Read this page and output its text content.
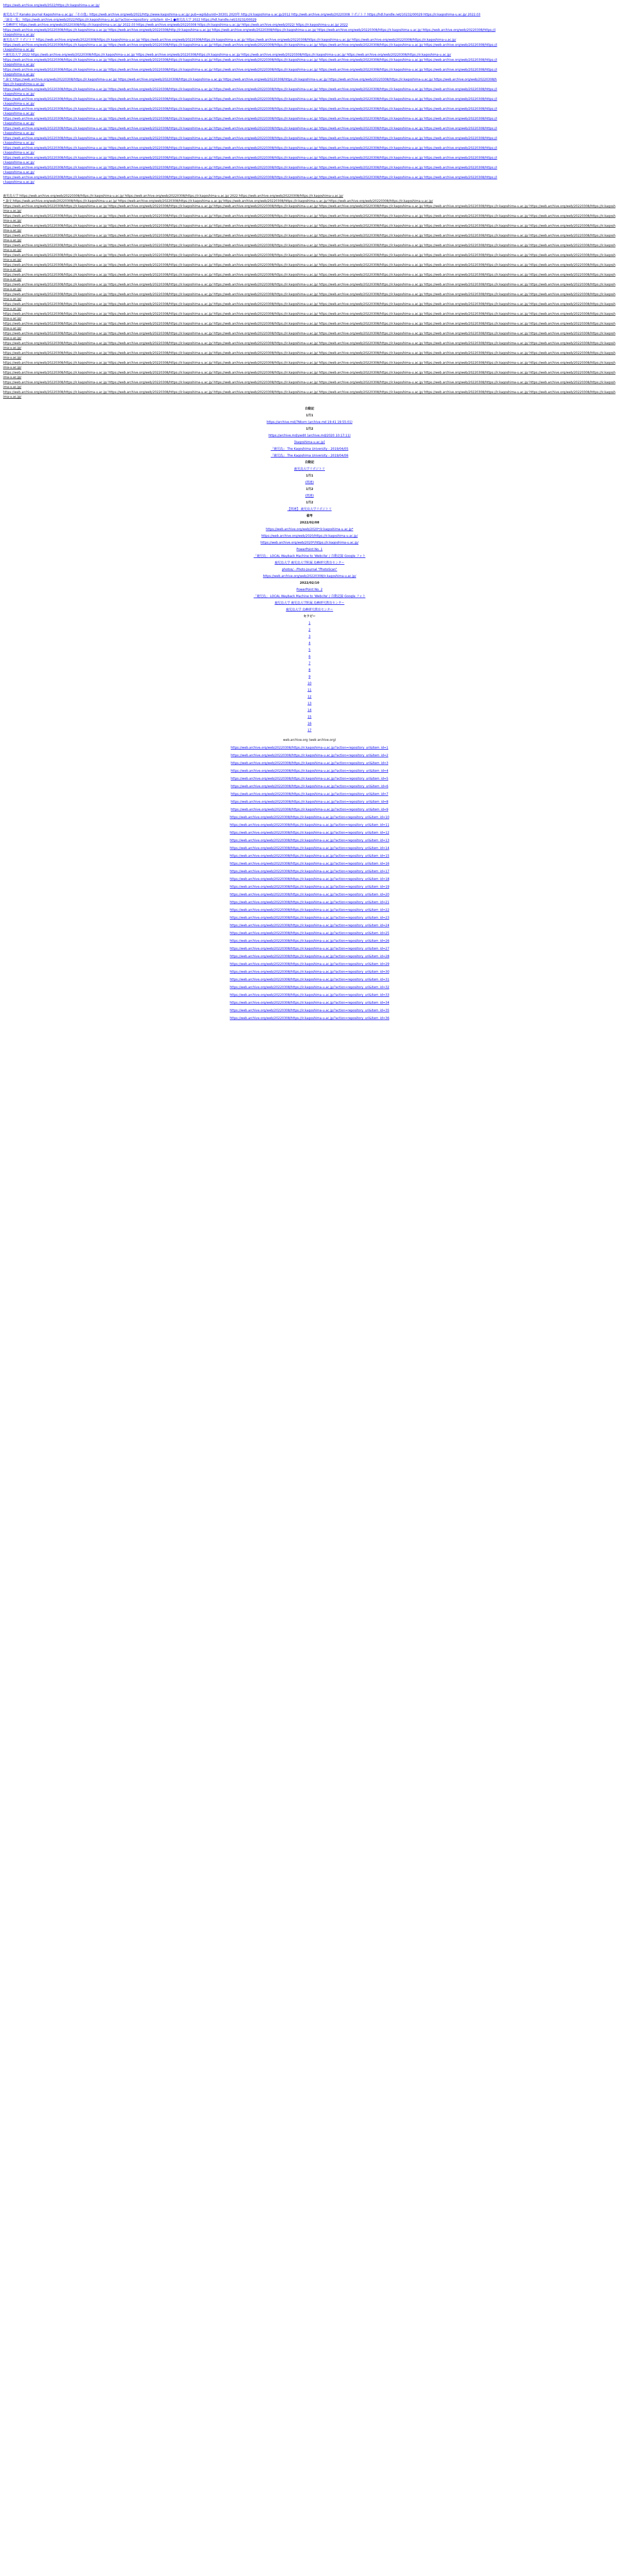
https://web.archive.org/web/2022/https://ir.kagoshima-u.ac.jp/
鹿児島大学 Kanako Journal Kagoshima-u.ac.jp/ 『その他』https://web.archive.org/web/2022/http://www.kagoshima-u.ac.jp/ pub=wpl&bunId=30301 2020年 http://ir.kagoshima-u.ac.jp/2012 http://web.archive.org/web/20220308 リポジトリ https://hdl.handle.net/10232/00029 https://ir.kagoshima-u.ac.jp/ 2022.03
『論文一覧』 https://web.archive.org/web/2022/https://ir.kagoshima-u.ac.jp/?action=repository_uri&item_id=1 ●鹿児島大学 2022 https://hdl.handle.net/10232/00029
* 島嶼研究 https://web.archive.org/web/20220308/http://ir.kagoshima-u.ac.jp/ 2022.03 https://web.archive.org/web/20220308 https://ir.kagoshima-u.ac.jp/ https://web.archive.org/web/2022/ https://ir.kagoshima-u.ac.jp/ 2022
https://web.archive.org/web/20220308/https://ir.kagoshima-u.ac.jp/ https://web.archive.org/web/20220308/http://ir.kagoshima-u.ac.jp/ https://web.archive.org/web/20220308/https://ir.kagoshima-u.ac.jp/ https://web.archive.org/web/20220308/https://ir.kagoshima-u.ac.jp/ https://web.archive.org/web/20220308/https://ir.kagoshima-u.ac.jp/
鹿児島大学 リポジトリ https://web.archive.org/web/20220308/https://ir.kagoshima-u.ac.jp/ https://web.archive.org/web/20220308/https://ir.kagoshima-u.ac.jp/ https://web.archive.org/web/20220308/https://ir.kagoshima-u.ac.jp/ https://web.archive.org/web/20220308/https://ir.kagoshima-u.ac.jp/
https://web.archive.org/web/20220308/https://ir.kagoshima-u.ac.jp/ https://web.archive.org/web/20220308/https://ir.kagoshima-u.ac.jp/ https://web.archive.org/web/20220308/https://ir.kagoshima-u.ac.jp/ https://web.archive.org/web/20220308/https://ir.kagoshima-u.ac.jp/ https://web.archive.org/web/20220308/https://ir.kagoshima-u.ac.jp/
* 鹿児島大学 2022 https://web.archive.org/web/20220308/https://ir.kagoshima-u.ac.jp/ https://web.archive.org/web/20220308/https://ir.kagoshima-u.ac.jp/ https://web.archive.org/web/20220308/https://ir.kagoshima-u.ac.jp/ https://web.archive.org/web/20220308/https://ir.kagoshima-u.ac.jp/
https://web.archive.org/web/20220308/https://ir.kagoshima-u.ac.jp/ https://web.archive.org/web/20220308/https://ir.kagoshima-u.ac.jp/ https://web.archive.org/web/20220308/https://ir.kagoshima-u.ac.jp/ https://web.archive.org/web/20220308/https://ir.kagoshima-u.ac.jp/ https://web.archive.org/web/20220308/https://ir.kagoshima-u.ac.jp/
https://web.archive.org/web/20220308/https://ir.kagoshima-u.ac.jp/ https://web.archive.org/web/20220308/https://ir.kagoshima-u.ac.jp/ https://web.archive.org/web/20220308/https://ir.kagoshima-u.ac.jp/ https://web.archive.org/web/20220308/https://ir.kagoshima-u.ac.jp/ https://web.archive.org/web/20220308/https://ir.kagoshima-u.ac.jp/
* 論文 https://web.archive.org/web/20220308/https://ir.kagoshima-u.ac.jp/ https://web.archive.org/web/20220308/https://ir.kagoshima-u.ac.jp/ https://web.archive.org/web/20220308/https://ir.kagoshima-u.ac.jp/ https://web.archive.org/web/20220308/https://ir.kagoshima-u.ac.jp/ https://web.archive.org/web/20220308/https://ir.kagoshima-u.ac.jp/
https://web.archive.org/web/20220308/https://ir.kagoshima-u.ac.jp/ https://web.archive.org/web/20220308/https://ir.kagoshima-u.ac.jp/ https://web.archive.org/web/20220308/https://ir.kagoshima-u.ac.jp/ https://web.archive.org/web/20220308/https://ir.kagoshima-u.ac.jp/ https://web.archive.org/web/20220308/https://ir.kagoshima-u.ac.jp/
https://web.archive.org/web/20220308/https://ir.kagoshima-u.ac.jp/ https://web.archive.org/web/20220308/https://ir.kagoshima-u.ac.jp/ https://web.archive.org/web/20220308/https://ir.kagoshima-u.ac.jp/ https://web.archive.org/web/20220308/https://ir.kagoshima-u.ac.jp/ https://web.archive.org/web/20220308/https://ir.kagoshima-u.ac.jp/
https://web.archive.org/web/20220308/https://ir.kagoshima-u.ac.jp/ https://web.archive.org/web/20220308/https://ir.kagoshima-u.ac.jp/ https://web.archive.org/web/20220308/https://ir.kagoshima-u.ac.jp/ https://web.archive.org/web/20220308/https://ir.kagoshima-u.ac.jp/ https://web.archive.org/web/20220308/https://ir.kagoshima-u.ac.jp/
https://web.archive.org/web/20220308/https://ir.kagoshima-u.ac.jp/ https://web.archive.org/web/20220308/https://ir.kagoshima-u.ac.jp/ https://web.archive.org/web/20220308/https://ir.kagoshima-u.ac.jp/ https://web.archive.org/web/20220308/https://ir.kagoshima-u.ac.jp/ https://web.archive.org/web/20220308/https://ir.kagoshima-u.ac.jp/
https://web.archive.org/web/20220308/https://ir.kagoshima-u.ac.jp/ https://web.archive.org/web/20220308/https://ir.kagoshima-u.ac.jp/ https://web.archive.org/web/20220308/https://ir.kagoshima-u.ac.jp/ https://web.archive.org/web/20220308/https://ir.kagoshima-u.ac.jp/ https://web.archive.org/web/20220308/https://ir.kagoshima-u.ac.jp/
https://web.archive.org/web/20220308/https://ir.kagoshima-u.ac.jp/ https://web.archive.org/web/20220308/https://ir.kagoshima-u.ac.jp/ https://web.archive.org/web/20220308/https://ir.kagoshima-u.ac.jp/ https://web.archive.org/web/20220308/https://ir.kagoshima-u.ac.jp/ https://web.archive.org/web/20220308/https://ir.kagoshima-u.ac.jp/
https://web.archive.org/web/20220308/https://ir.kagoshima-u.ac.jp/ https://web.archive.org/web/20220308/https://ir.kagoshima-u.ac.jp/ https://web.archive.org/web/20220308/https://ir.kagoshima-u.ac.jp/ https://web.archive.org/web/20220308/https://ir.kagoshima-u.ac.jp/ https://web.archive.org/web/20220308/https://ir.kagoshima-u.ac.jp/
https://web.archive.org/web/20220308/https://ir.kagoshima-u.ac.jp/ https://web.archive.org/web/20220308/https://ir.kagoshima-u.ac.jp/ https://web.archive.org/web/20220308/https://ir.kagoshima-u.ac.jp/ https://web.archive.org/web/20220308/https://ir.kagoshima-u.ac.jp/ https://web.archive.org/web/20220308/https://ir.kagoshima-u.ac.jp/
https://web.archive.org/web/20220308/https://ir.kagoshima-u.ac.jp/ https://web.archive.org/web/20220308/https://ir.kagoshima-u.ac.jp/ https://web.archive.org/web/20220308/https://ir.kagoshima-u.ac.jp/ https://web.archive.org/web/20220308/https://ir.kagoshima-u.ac.jp/ https://web.archive.org/web/20220308/https://ir.kagoshima-u.ac.jp/
https://web.archive.org/web/20220308/https://ir.kagoshima-u.ac.jp/ https://web.archive.org/web/20220308/https://ir.kagoshima-u.ac.jp/ https://web.archive.org/web/20220308/https://ir.kagoshima-u.ac.jp/ https://web.archive.org/web/20220308/https://ir.kagoshima-u.ac.jp/ https://web.archive.org/web/20220308/https://ir.kagoshima-u.ac.jp/
鹿児島大学 https://web.archive.org/web/20220308/https://ir.kagoshima-u.ac.jp/ https://web.archive.org/web/20220308/https://ir.kagoshima-u.ac.jp/ 2022 https://web.archive.org/web/20220308/https://ir.kagoshima-u.ac.jp/
* 論文 https://web.archive.org/web/20220308/https://ir.kagoshima-u.ac.jp/ https://web.archive.org/web/20220308/https://ir.kagoshima-u.ac.jp/ https://web.archive.org/web/20220308/https://ir.kagoshima-u.ac.jp/ https://web.archive.org/web/20220308/https://ir.kagoshima-u.ac.jp/
https://web.archive.org/web/20220308/https://ir.kagoshima-u.ac.jp/ https://web.archive.org/web/20220308/https://ir.kagoshima-u.ac.jp/ https://web.archive.org/web/20220308/https://ir.kagoshima-u.ac.jp/ https://web.archive.org/web/20220308/https://ir.kagoshima-u.ac.jp/ https://web.archive.org/web/20220308/https://ir.kagoshima-u.ac.jp/ https://web.archive.org/web/20220308/https://ir.kagoshima-u.ac.jp/
https://web.archive.org/web/20220308/https://ir.kagoshima-u.ac.jp/ https://web.archive.org/web/20220308/https://ir.kagoshima-u.ac.jp/ https://web.archive.org/web/20220308/https://ir.kagoshima-u.ac.jp/ https://web.archive.org/web/20220308/https://ir.kagoshima-u.ac.jp/ https://web.archive.org/web/20220308/https://ir.kagoshima-u.ac.jp/ https://web.archive.org/web/20220308/https://ir.kagoshima-u.ac.jp/
https://web.archive.org/web/20220308/https://ir.kagoshima-u.ac.jp/ https://web.archive.org/web/20220308/https://ir.kagoshima-u.ac.jp/ https://web.archive.org/web/20220308/https://ir.kagoshima-u.ac.jp/ https://web.archive.org/web/20220308/https://ir.kagoshima-u.ac.jp/ https://web.archive.org/web/20220308/https://ir.kagoshima-u.ac.jp/ https://web.archive.org/web/20220308/https://ir.kagoshima-u.ac.jp/
https://web.archive.org/web/20220308/https://ir.kagoshima-u.ac.jp/ https://web.archive.org/web/20220308/https://ir.kagoshima-u.ac.jp/ https://web.archive.org/web/20220308/https://ir.kagoshima-u.ac.jp/ https://web.archive.org/web/20220308/https://ir.kagoshima-u.ac.jp/ https://web.archive.org/web/20220308/https://ir.kagoshima-u.ac.jp/ https://web.archive.org/web/20220308/https://ir.kagoshima-u.ac.jp/
https://web.archive.org/web/20220308/https://ir.kagoshima-u.ac.jp/ https://web.archive.org/web/20220308/https://ir.kagoshima-u.ac.jp/ https://web.archive.org/web/20220308/https://ir.kagoshima-u.ac.jp/ https://web.archive.org/web/20220308/https://ir.kagoshima-u.ac.jp/ https://web.archive.org/web/20220308/https://ir.kagoshima-u.ac.jp/ https://web.archive.org/web/20220308/https://ir.kagoshima-u.ac.jp/
https://web.archive.org/web/20220308/https://ir.kagoshima-u.ac.jp/ https://web.archive.org/web/20220308/https://ir.kagoshima-u.ac.jp/ https://web.archive.org/web/20220308/https://ir.kagoshima-u.ac.jp/ https://web.archive.org/web/20220308/https://ir.kagoshima-u.ac.jp/ https://web.archive.org/web/20220308/https://ir.kagoshima-u.ac.jp/ https://web.archive.org/web/20220308/https://ir.kagoshima-u.ac.jp/
https://web.archive.org/web/20220308/https://ir.kagoshima-u.ac.jp/ https://web.archive.org/web/20220308/https://ir.kagoshima-u.ac.jp/ https://web.archive.org/web/20220308/https://ir.kagoshima-u.ac.jp/ https://web.archive.org/web/20220308/https://ir.kagoshima-u.ac.jp/ https://web.archive.org/web/20220308/https://ir.kagoshima-u.ac.jp/ https://web.archive.org/web/20220308/https://ir.kagoshima-u.ac.jp/
https://web.archive.org/web/20220308/https://ir.kagoshima-u.ac.jp/ https://web.archive.org/web/20220308/https://ir.kagoshima-u.ac.jp/ https://web.archive.org/web/20220308/https://ir.kagoshima-u.ac.jp/ https://web.archive.org/web/20220308/https://ir.kagoshima-u.ac.jp/ https://web.archive.org/web/20220308/https://ir.kagoshima-u.ac.jp/ https://web.archive.org/web/20220308/https://ir.kagoshima-u.ac.jp/
https://web.archive.org/web/20220308/https://ir.kagoshima-u.ac.jp/ https://web.archive.org/web/20220308/https://ir.kagoshima-u.ac.jp/ https://web.archive.org/web/20220308/https://ir.kagoshima-u.ac.jp/ https://web.archive.org/web/20220308/https://ir.kagoshima-u.ac.jp/ https://web.archive.org/web/20220308/https://ir.kagoshima-u.ac.jp/ https://web.archive.org/web/20220308/https://ir.kagoshima-u.ac.jp/
https://web.archive.org/web/20220308/https://ir.kagoshima-u.ac.jp/ https://web.archive.org/web/20220308/https://ir.kagoshima-u.ac.jp/ https://web.archive.org/web/20220308/https://ir.kagoshima-u.ac.jp/ https://web.archive.org/web/20220308/https://ir.kagoshima-u.ac.jp/ https://web.archive.org/web/20220308/https://ir.kagoshima-u.ac.jp/ https://web.archive.org/web/20220308/https://ir.kagoshima-u.ac.jp/
https://web.archive.org/web/20220308/https://ir.kagoshima-u.ac.jp/ https://web.archive.org/web/20220308/https://ir.kagoshima-u.ac.jp/ https://web.archive.org/web/20220308/https://ir.kagoshima-u.ac.jp/ https://web.archive.org/web/20220308/https://ir.kagoshima-u.ac.jp/ https://web.archive.org/web/20220308/https://ir.kagoshima-u.ac.jp/ https://web.archive.org/web/20220308/https://ir.kagoshima-u.ac.jp/
https://web.archive.org/web/20220308/https://ir.kagoshima-u.ac.jp/ https://web.archive.org/web/20220308/https://ir.kagoshima-u.ac.jp/ https://web.archive.org/web/20220308/https://ir.kagoshima-u.ac.jp/ https://web.archive.org/web/20220308/https://ir.kagoshima-u.ac.jp/ https://web.archive.org/web/20220308/https://ir.kagoshima-u.ac.jp/ https://web.archive.org/web/20220308/https://ir.kagoshima-u.ac.jp/
https://web.archive.org/web/20220308/https://ir.kagoshima-u.ac.jp/ https://web.archive.org/web/20220308/https://ir.kagoshima-u.ac.jp/ https://web.archive.org/web/20220308/https://ir.kagoshima-u.ac.jp/ https://web.archive.org/web/20220308/https://ir.kagoshima-u.ac.jp/ https://web.archive.org/web/20220308/https://ir.kagoshima-u.ac.jp/ https://web.archive.org/web/20220308/https://ir.kagoshima-u.ac.jp/
https://web.archive.org/web/20220308/https://ir.kagoshima-u.ac.jp/ https://web.archive.org/web/20220308/https://ir.kagoshima-u.ac.jp/ https://web.archive.org/web/20220308/https://ir.kagoshima-u.ac.jp/ https://web.archive.org/web/20220308/https://ir.kagoshima-u.ac.jp/ https://web.archive.org/web/20220308/https://ir.kagoshima-u.ac.jp/ https://web.archive.org/web/20220308/https://ir.kagoshima-u.ac.jp/
https://web.archive.org/web/20220308/https://ir.kagoshima-u.ac.jp/ https://web.archive.org/web/20220308/https://ir.kagoshima-u.ac.jp/ https://web.archive.org/web/20220308/https://ir.kagoshima-u.ac.jp/ https://web.archive.org/web/20220308/https://ir.kagoshima-u.ac.jp/ https://web.archive.org/web/20220308/https://ir.kagoshima-u.ac.jp/ https://web.archive.org/web/20220308/https://ir.kagoshima-u.ac.jp/
https://web.archive.org/web/20220308/https://ir.kagoshima-u.ac.jp/ https://web.archive.org/web/20220308/https://ir.kagoshima-u.ac.jp/ https://web.archive.org/web/20220308/https://ir.kagoshima-u.ac.jp/ https://web.archive.org/web/20220308/https://ir.kagoshima-u.ac.jp/ https://web.archive.org/web/20220308/https://ir.kagoshima-u.ac.jp/ https://web.archive.org/web/20220308/https://ir.kagoshima-u.ac.jp/
https://web.archive.org/web/20220308/https://ir.kagoshima-u.ac.jp/ https://web.archive.org/web/20220308/https://ir.kagoshima-u.ac.jp/ https://web.archive.org/web/20220308/https://ir.kagoshima-u.ac.jp/ https://web.archive.org/web/20220308/https://ir.kagoshima-u.ac.jp/ https://web.archive.org/web/20220308/https://ir.kagoshima-u.ac.jp/ https://web.archive.org/web/20220308/https://ir.kagoshima-u.ac.jp/
https://web.archive.org/web/20220308/https://ir.kagoshima-u.ac.jp/ https://web.archive.org/web/20220308/https://ir.kagoshima-u.ac.jp/ https://web.archive.org/web/20220308/https://ir.kagoshima-u.ac.jp/ https://web.archive.org/web/20220308/https://ir.kagoshima-u.ac.jp/ https://web.archive.org/web/20220308/https://ir.kagoshima-u.ac.jp/ https://web.archive.org/web/20220308/https://ir.kagoshima-u.ac.jp/
https://web.archive.org/web/20220308/https://ir.kagoshima-u.ac.jp/ https://web.archive.org/web/20220308/https://ir.kagoshima-u.ac.jp/ https://web.archive.org/web/20220308/https://ir.kagoshima-u.ac.jp/ https://web.archive.org/web/20220308/https://ir.kagoshima-u.ac.jp/ https://web.archive.org/web/20220308/https://ir.kagoshima-u.ac.jp/ https://web.archive.org/web/20220308/https://ir.kagoshima-u.ac.jp/
https://web.archive.org/web/20220308/https://ir.kagoshima-u.ac.jp/ https://web.archive.org/web/20220308/https://ir.kagoshima-u.ac.jp/ https://web.archive.org/web/20220308/https://ir.kagoshima-u.ac.jp/ https://web.archive.org/web/20220308/https://ir.kagoshima-u.ac.jp/ https://web.archive.org/web/20220308/https://ir.kagoshima-u.ac.jp/ https://web.archive.org/web/20220308/https://ir.kagoshima-u.ac.jp/
自動記
1月1
https://archive.md/7Nkxm (archive.md 19:41 19:55:01)
1月2
https://archive.md/ywd0 (archive.md/2020 10:17:11)
[kagoshima-u.ac.jp]
『鹿児島』 The Kagoshima University - 2019/04/05
『鹿児島』 The Kagoshima University - 2019/04/06
自動記
鹿児島大学リポジトリ
1月1
(関連)
1月2
(関連)
1月2
【関連】 鹿児島大学リポジトリ
備考
2022/02/08
https://web.archive.org/web/2020*/ir.kagoshima-u.ac.jp*
https://web.archive.org/web/2020/https://ir.kagoshima-u.ac.jp/
https://web.archive.org/web/2020*/https://ir.kagoshima-u.ac.jp/
PowerPoint No. 1
「鹿児島」 LOCAL Wayback Machine to 'Webcite' / 自動記録 Google フォト
鹿児島大学 鹿児島大学附属 島嶼研究教育センター
photos/ - Photo Journal "PhotoScan"
https://web.archive.org/web/20220308/ir.kagoshima-u.ac.jp/
2022/02/10
PowerPoint No. 2
「鹿児島」 LOCAL Wayback Machine to 'Webcite' / 自動記録 Google フォト
鹿児島大学 鹿児島大学附属 島嶼研究教育センター
鹿児島大学 島嶼研究教育センター
セラピー
1
2
3
4
5
6
7
8
9
10
11
12
13
14
15
16
17
web.archive.org (web archive.org)
https://web.archive.org/web/20220308/https://ir.kagoshima-u.ac.jp/?action=repository_uri&item_id=1
https://web.archive.org/web/20220308/https://ir.kagoshima-u.ac.jp/?action=repository_uri&item_id=2
https://web.archive.org/web/20220308/https://ir.kagoshima-u.ac.jp/?action=repository_uri&item_id=3
https://web.archive.org/web/20220308/https://ir.kagoshima-u.ac.jp/?action=repository_uri&item_id=4
https://web.archive.org/web/20220308/https://ir.kagoshima-u.ac.jp/?action=repository_uri&item_id=5
https://web.archive.org/web/20220308/https://ir.kagoshima-u.ac.jp/?action=repository_uri&item_id=6
https://web.archive.org/web/20220308/https://ir.kagoshima-u.ac.jp/?action=repository_uri&item_id=7
https://web.archive.org/web/20220308/https://ir.kagoshima-u.ac.jp/?action=repository_uri&item_id=8
https://web.archive.org/web/20220308/https://ir.kagoshima-u.ac.jp/?action=repository_uri&item_id=9
https://web.archive.org/web/20220308/https://ir.kagoshima-u.ac.jp/?action=repository_uri&item_id=10
https://web.archive.org/web/20220308/https://ir.kagoshima-u.ac.jp/?action=repository_uri&item_id=11
https://web.archive.org/web/20220308/https://ir.kagoshima-u.ac.jp/?action=repository_uri&item_id=12
https://web.archive.org/web/20220308/https://ir.kagoshima-u.ac.jp/?action=repository_uri&item_id=13
https://web.archive.org/web/20220308/https://ir.kagoshima-u.ac.jp/?action=repository_uri&item_id=14
https://web.archive.org/web/20220308/https://ir.kagoshima-u.ac.jp/?action=repository_uri&item_id=15
https://web.archive.org/web/20220308/https://ir.kagoshima-u.ac.jp/?action=repository_uri&item_id=16
https://web.archive.org/web/20220308/https://ir.kagoshima-u.ac.jp/?action=repository_uri&item_id=17
https://web.archive.org/web/20220308/https://ir.kagoshima-u.ac.jp/?action=repository_uri&item_id=18
https://web.archive.org/web/20220308/https://ir.kagoshima-u.ac.jp/?action=repository_uri&item_id=19
https://web.archive.org/web/20220308/https://ir.kagoshima-u.ac.jp/?action=repository_uri&item_id=20
https://web.archive.org/web/20220308/https://ir.kagoshima-u.ac.jp/?action=repository_uri&item_id=21
https://web.archive.org/web/20220308/https://ir.kagoshima-u.ac.jp/?action=repository_uri&item_id=22
https://web.archive.org/web/20220308/https://ir.kagoshima-u.ac.jp/?action=repository_uri&item_id=23
https://web.archive.org/web/20220308/https://ir.kagoshima-u.ac.jp/?action=repository_uri&item_id=24
https://web.archive.org/web/20220308/https://ir.kagoshima-u.ac.jp/?action=repository_uri&item_id=25
https://web.archive.org/web/20220308/https://ir.kagoshima-u.ac.jp/?action=repository_uri&item_id=26
https://web.archive.org/web/20220308/https://ir.kagoshima-u.ac.jp/?action=repository_uri&item_id=27
https://web.archive.org/web/20220308/https://ir.kagoshima-u.ac.jp/?action=repository_uri&item_id=28
https://web.archive.org/web/20220308/https://ir.kagoshima-u.ac.jp/?action=repository_uri&item_id=29
https://web.archive.org/web/20220308/https://ir.kagoshima-u.ac.jp/?action=repository_uri&item_id=30
https://web.archive.org/web/20220308/https://ir.kagoshima-u.ac.jp/?action=repository_uri&item_id=31
https://web.archive.org/web/20220308/https://ir.kagoshima-u.ac.jp/?action=repository_uri&item_id=32
https://web.archive.org/web/20220308/https://ir.kagoshima-u.ac.jp/?action=repository_uri&item_id=33
https://web.archive.org/web/20220308/https://ir.kagoshima-u.ac.jp/?action=repository_uri&item_id=34
https://web.archive.org/web/20220308/https://ir.kagoshima-u.ac.jp/?action=repository_uri&item_id=35
https://web.archive.org/web/20220308/https://ir.kagoshima-u.ac.jp/?action=repository_uri&item_id=36
